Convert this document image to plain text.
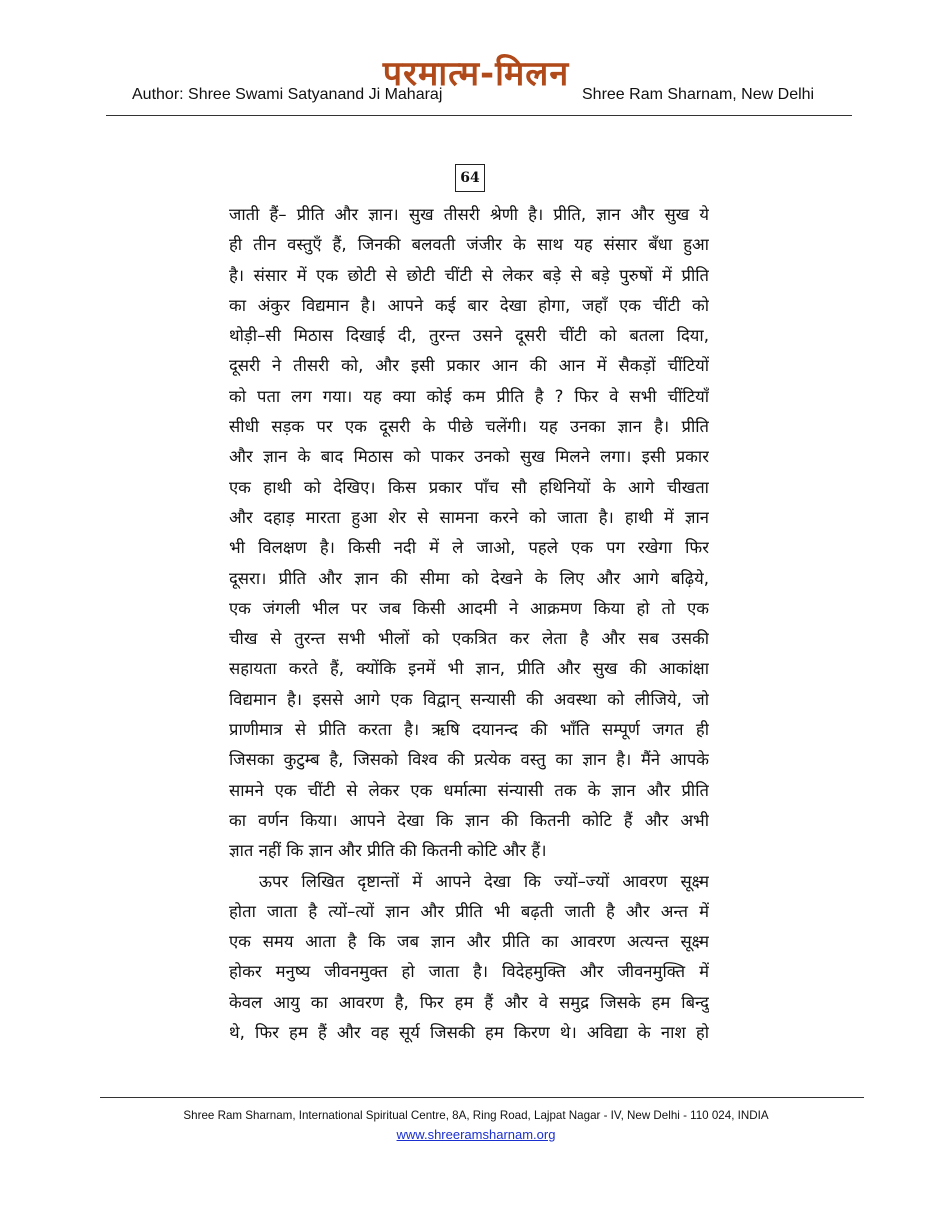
परमात्म-मिलन
Author: Shree Swami Satyanand Ji Maharaj	Shree Ram Sharnam, New Delhi
64
जाती हैं– प्रीति और ज्ञान। सुख तीसरी श्रेणी है। प्रीति, ज्ञान और सुख ये
ही तीन वस्तुएँ हैं, जिनकी बलवती जंजीर के साथ यह संसार बँधा हुआ
है। संसार में एक छोटी से छोटी चींटी से लेकर बड़े से बड़े पुरुषों में प्रीति
का अंकुर विद्यमान है। आपने कई बार देखा होगा, जहाँ एक चींटी को
थोड़ी–सी मिठास दिखाई दी, तुरन्त उसने दूसरी चींटी को बतला दिया,
दूसरी ने तीसरी को, और इसी प्रकार आन की आन में सैकड़ों चींटियों
को पता लग गया। यह क्या कोई कम प्रीति है ? फिर वे सभी चींटियाँ
सीधी सड़क पर एक दूसरी के पीछे चलेंगी। यह उनका ज्ञान है। प्रीति
और ज्ञान के बाद मिठास को पाकर उनको सुख मिलने लगा। इसी प्रकार
एक हाथी को देखिए। किस प्रकार पाँच सौ हथिनियों के आगे चीखता
और दहाड़ मारता हुआ शेर से सामना करने को जाता है। हाथी में ज्ञान
भी विलक्षण है। किसी नदी में ले जाओ, पहले एक पग रखेगा फिर
दूसरा। प्रीति और ज्ञान की सीमा को देखने के लिए और आगे बढ़िये,
एक जंगली भील पर जब किसी आदमी ने आक्रमण किया हो तो एक
चीख से तुरन्त सभी भीलों को एकत्रित कर लेता है और सब उसकी
सहायता करते हैं, क्योंकि इनमें भी ज्ञान, प्रीति और सुख की आकांक्षा
विद्यमान है। इससे आगे एक विद्वान् सन्यासी की अवस्था को लीजिये, जो
प्राणीमात्र से प्रीति करता है। ऋषि दयानन्द की भाँति सम्पूर्ण जगत ही
जिसका कुटुम्ब है, जिसको विश्व की प्रत्येक वस्तु का ज्ञान है। मैंने आपके
सामने एक चींटी से लेकर एक धर्मात्मा संन्यासी तक के ज्ञान और प्रीति
का वर्णन किया। आपने देखा कि ज्ञान की कितनी कोटि हैं और अभी
ज्ञात नहीं कि ज्ञान और प्रीति की कितनी कोटि और हैं।
ऊपर लिखित दृष्टान्तों में आपने देखा कि ज्यों–ज्यों आवरण सूक्ष्म
होता जाता है त्यों–त्यों ज्ञान और प्रीति भी बढ़ती जाती है और अन्त में
एक समय आता है कि जब ज्ञान और प्रीति का आवरण अत्यन्त सूक्ष्म
होकर मनुष्य जीवनमुक्त हो जाता है। विदेहमुक्ति और जीवनमुक्ति में
केवल आयु का आवरण है, फिर हम हैं और वे समुद्र जिसके हम बिन्दु
थे, फिर हम हैं और वह सूर्य जिसकी हम किरण थे। अविद्या के नाश हो
Shree Ram Sharnam, International Spiritual Centre, 8A, Ring Road, Lajpat Nagar - IV, New Delhi - 110 024, INDIA
www.shreeramsharnam.org
